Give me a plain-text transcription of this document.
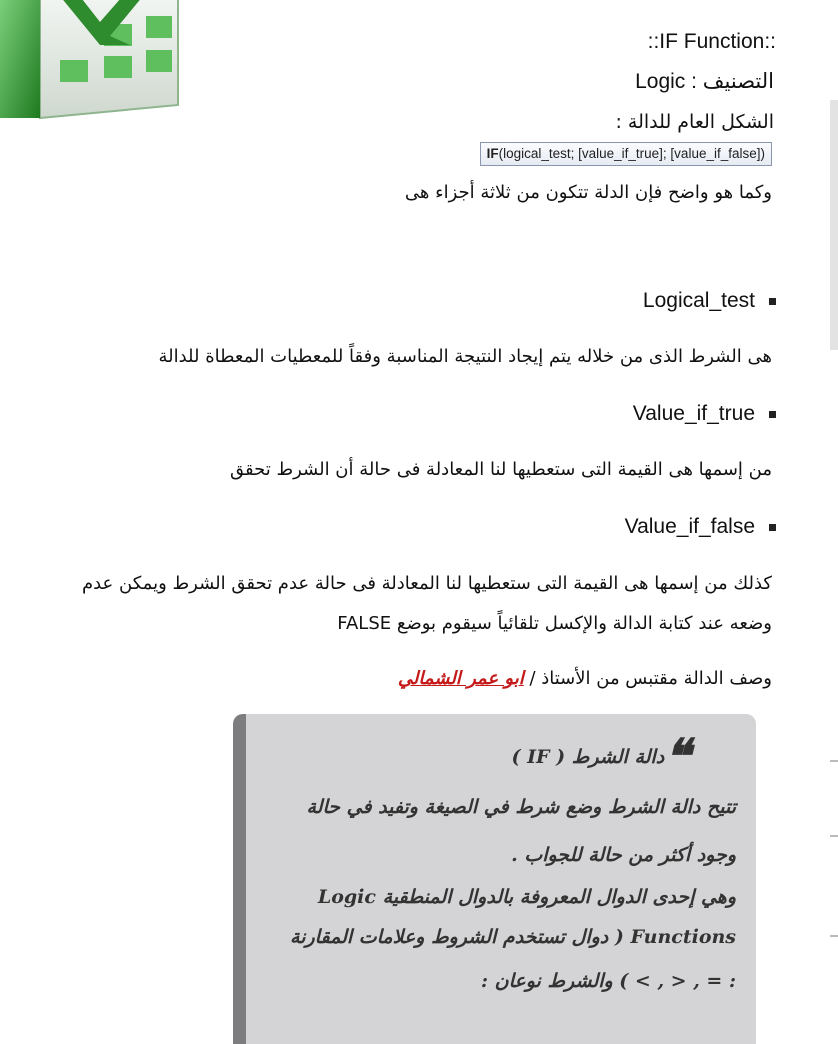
::IF Function::
التصنيف : Logic
الشكل العام للدالة :
IF(logical_test; [value_if_true]; [value_if_false])
وكما هو واضح فإن الدلة تتكون من ثلاثة أجزاء هى
Logical_test
هى الشرط الذى من خلاله يتم إيجاد النتيجة المناسبة وفقاً للمعطيات المعطاة للدالة
Value_if_true
من إسمها هى القيمة التى ستعطيها لنا المعادلة فى حالة أن الشرط تحقق
Value_if_false
كذلك من إسمها هى القيمة التى ستعطيها لنا المعادلة فى حالة عدم تحقق الشرط ويمكن عدم
وضعه عند كتابة الدالة والإكسل تلقائياً سيقوم بوضع FALSE
وصف الدالة مقتبس من الأستاذ / ابو عمر الشمالي
❝دالة الشرط ( IF )
تتيح دالة الشرط وضع شرط في الصيغة وتفيد في حالة
وجود أكثر من حالة للجواب .
وهي إحدى الدوال المعروفة بالدوال المنطقية Logic
Functions ( دوال تستخدم الشروط وعلامات المقارنة
: = , < , > ) والشرط نوعان :
